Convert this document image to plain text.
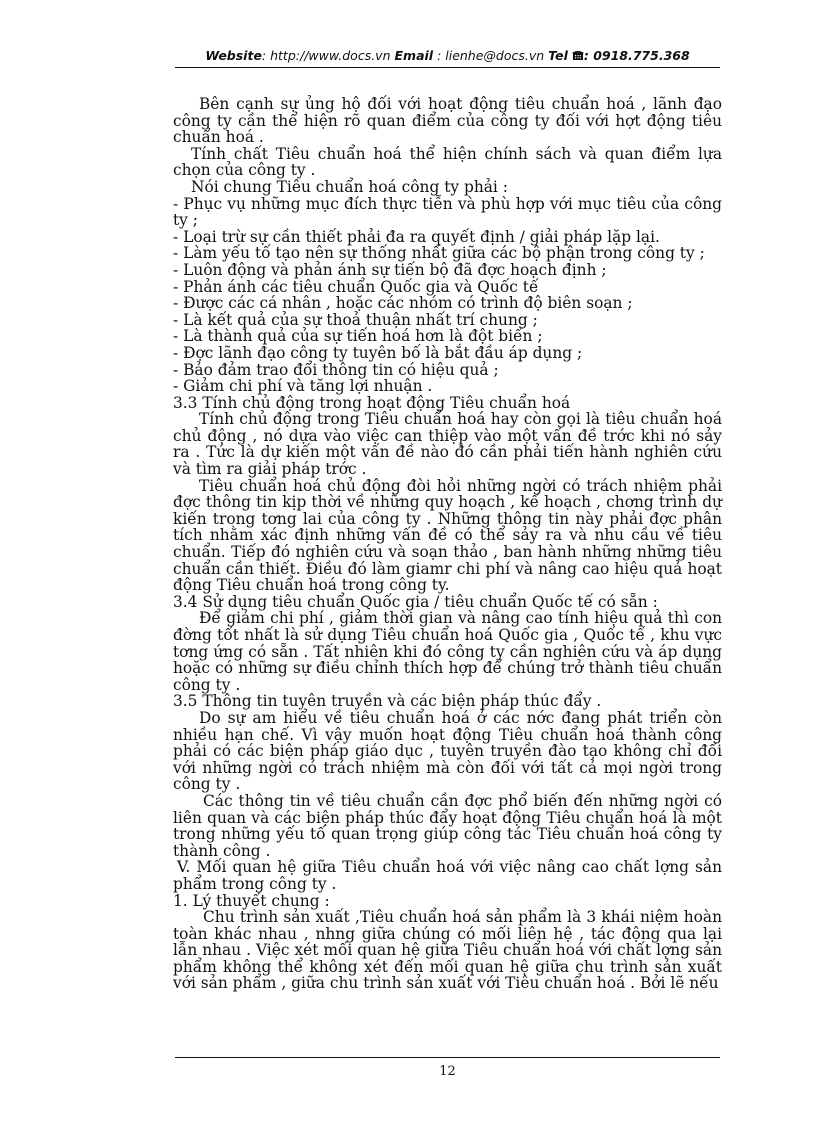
Website: http://www.docs.vn Email : lienhe@docs.vn Tel : 0918.775.368

Bên cạnh sự ủng hộ đối với hoạt động tiêu chuẩn hoá , lãnh đạo công ty cần thể hiện rõ quan điểm của công ty đối với hợt động tiêu chuẩn hoá .

Tính chất Tiêu chuẩn hoá thể hiện chính sách và quan điểm lựa chọn của công ty .

Nói chung Tiêu chuẩn hoá công ty phải :

- Phục vụ những mục đích thực tiễn và phù hợp với mục tiêu của công ty ;

- Loại trừ sự cần thiết phải đa ra quyết định / giải pháp lặp lại.

- Làm yếu tố tạo nên sự thống nhất giữa các bộ phận trong công ty ;

- Luôn động và phản ánh sự tiến bộ đã đợc hoạch định ;

- Phản ánh các tiêu chuẩn Quốc gia và Quốc tế

- Được các cá nhân , hoặc các nhóm có trình độ biên soạn ;

- Là kết quả của sự thoả thuận nhất trí chung ;

- Là thành quả của sự tiến hoá hơn là đột biến ;

- Đợc lãnh đạo công ty tuyên bố là bắt đầu áp dụng ;

- Bảo đảm trao đổi thông tin có hiệu quả ;

- Giảm chi phí và tăng lợi nhuận .

3.3 Tính chủ động trong hoạt động Tiêu chuẩn hoá

Tính chủ động trong Tiêu chuẩn hoá hay còn gọi là tiêu chuẩn hoá chủ động , nó dựa vào việc can thiệp vào một vấn đề trớc khi nó sảy ra . Tức là dự kiến một vấn đề nào đó cần phải tiến hành nghiên cứu và tìm ra giải pháp trớc .

Tiêu chuẩn hoá chủ động đòi hỏi những ngời có trách nhiệm phải đợc thông tin kịp thời về những quy hoạch , kế hoạch , chơng trình dự kiến trong tơng lai của công ty . Những thông tin này phải đợc phân tích nhằm xác định những vấn đề có thể sảy ra và nhu cầu về tiêu chuẩn. Tiếp đó nghiên cứu và soạn thảo , ban hành những những tiêu chuẩn cần thiết. Điều đó làm giamr chi phí và nâng cao hiệu quả hoạt động Tiêu chuẩn hoá trong công ty.

3.4 Sử dụng tiêu chuẩn Quốc gia / tiêu chuẩn Quốc tế có sẵn :

Để giảm chi phí , giảm thời gian và nâng cao tính hiệu quả thì con đờng tốt nhất là sử dụng Tiêu chuẩn hoá Quốc gia , Quốc tế , khu vực tơng ứng có sẵn . Tất nhiên khi đó công ty cần nghiên cứu và áp dụng hoặc có những sự điều chỉnh thích hợp để chúng trở thành tiêu chuẩn công ty .

3.5 Thông tin tuyên truyền và các biện pháp thúc đẩy .

Do sự am hiểu về tiêu chuẩn hoá ở các nớc đang phát triển còn nhiều hạn chế. Vì vậy muốn hoạt động Tiêu chuẩn hoá thành công phải có các biện pháp giáo dục , tuyên truyền đào tạo không chỉ đối với những ngời có trách nhiệm mà còn đối với tất cả mọi ngời trong công ty .

Các thông tin về tiêu chuẩn cần đợc phổ biến đến những ngời có liên quan và các biện pháp thúc đẩy hoạt động Tiêu chuẩn hoá là một trong những yếu tố quan trọng giúp công tác Tiêu chuẩn hoá công ty thành công .

V. Mối quan hệ giữa Tiêu chuẩn hoá với việc nâng cao chất lợng sản phẩm trong công ty .

1. Lý thuyết chung :

Chu trình sản xuất ,Tiêu chuẩn hoá sản phẩm là 3 khái niệm hoàn toàn khác nhau , nhng giữa chúng có mối liên hệ , tác động qua lại lẫn nhau . Việc xét mối quan hệ giữa Tiêu chuẩn hoá với chất lợng sản phẩm không thể không xét đến mối quan hệ giữa chu trình sản xuất với sản phẩm , giữa chu trình sản xuất với Tiêu chuẩn hoá . Bởi lẽ nếu

12
